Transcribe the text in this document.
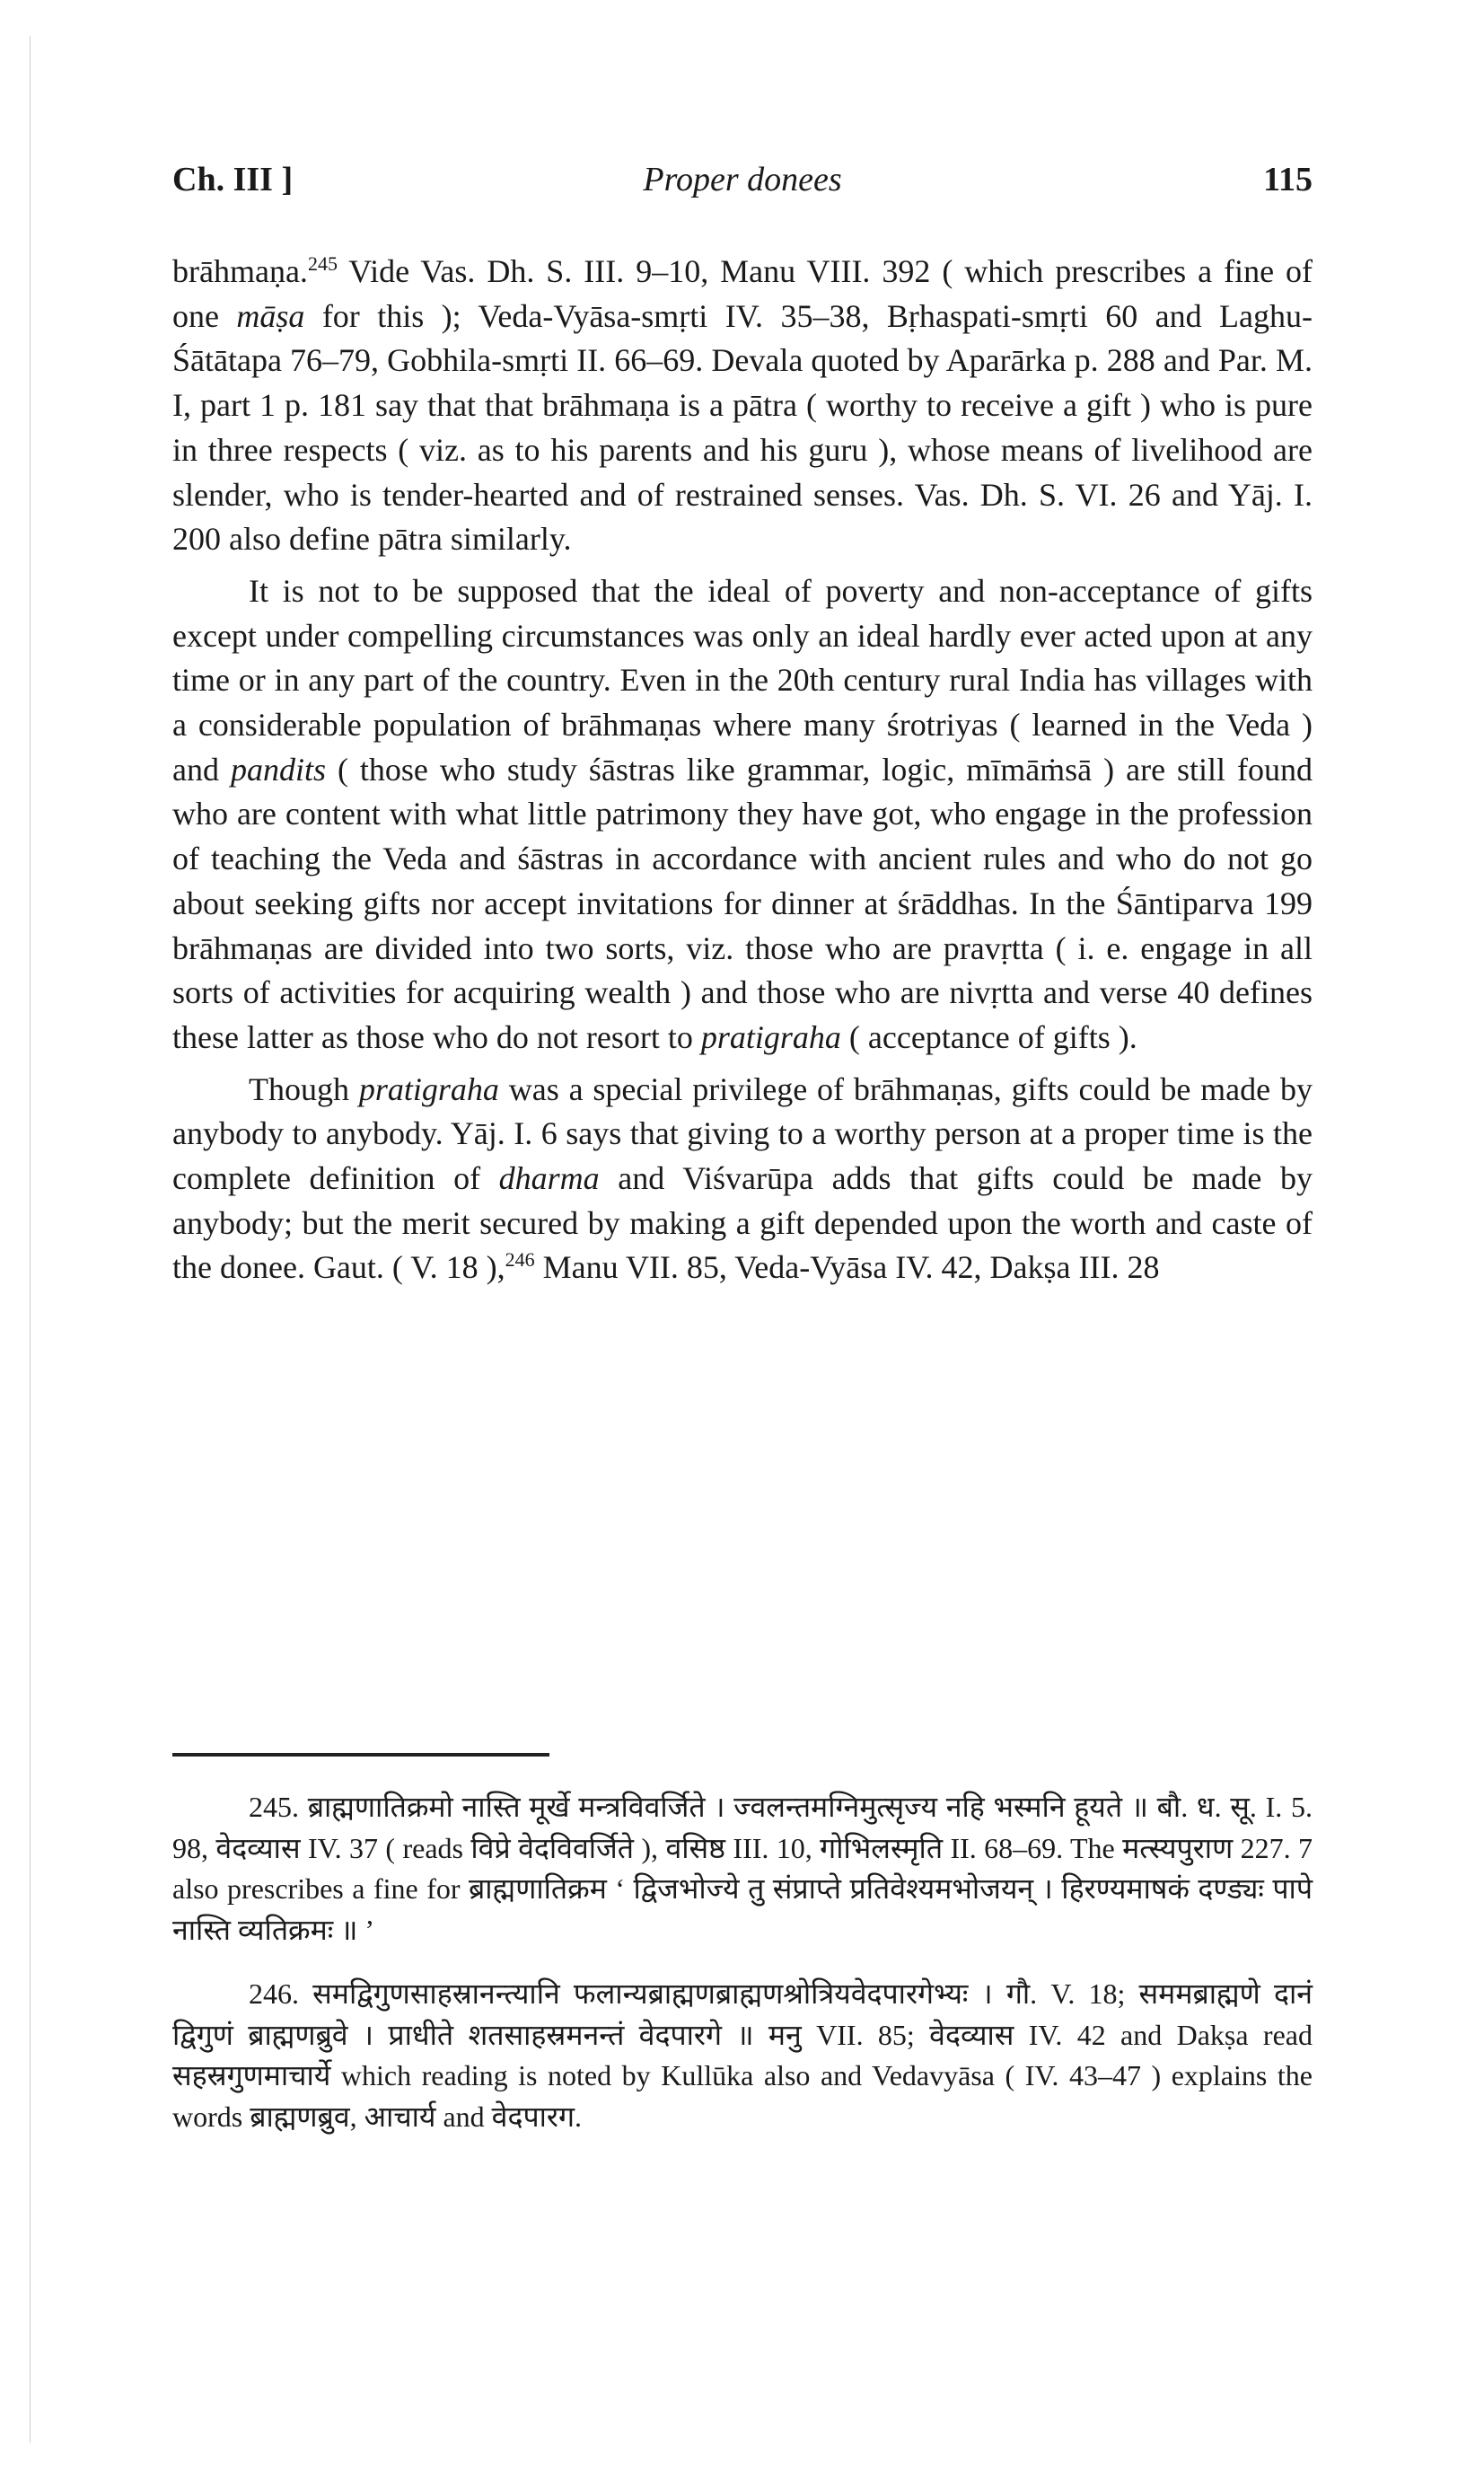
Ch. III ]	Proper donees	115

brāhmaṇa.$^{245}$ Vide Vas. Dh. S. III. 9–10, Manu VIII. 392 ( which prescribes a fine of one māṣa for this ); Veda-Vyāsa-smṛti IV. 35–38, Bṛhaspati-smṛti 60 and Laghu-Śātātapa 76–79, Gobhila-smṛti II. 66–69. Devala quoted by Aparārka p. 288 and Par. M. I, part 1 p. 181 say that that brāhmaṇa is a pātra ( worthy to receive a gift ) who is pure in three respects ( viz. as to his parents and his guru ), whose means of livelihood are slender, who is tender-hearted and of restrained senses. Vas. Dh. S. VI. 26 and Yāj. I. 200 also define pātra similarly.

It is not to be supposed that the ideal of poverty and non-acceptance of gifts except under compelling circumstances was only an ideal hardly ever acted upon at any time or in any part of the country. Even in the 20th century rural India has villages with a considerable population of brāhmaṇas where many śrotriyas ( learned in the Veda ) and pandits ( those who study śāstras like grammar, logic, mīmāṁsā ) are still found who are content with what little patrimony they have got, who engage in the profession of teaching the Veda and śāstras in accordance with ancient rules and who do not go about seeking gifts nor accept invitations for dinner at śrāddhas. In the Śāntiparva 199 brāhmaṇas are divided into two sorts, viz. those who are pravṛtta ( i. e. engage in all sorts of activities for acquiring wealth ) and those who are nivṛtta and verse 40 defines these latter as those who do not resort to pratigraha ( acceptance of gifts ).

Though pratigraha was a special privilege of brāhmaṇas, gifts could be made by anybody to anybody. Yāj. I. 6 says that giving to a worthy person at a proper time is the complete definition of dharma and Viśvarūpa adds that gifts could be made by anybody; but the merit secured by making a gift depended upon the worth and caste of the donee. Gaut. ( V. 18 ),$^{246}$ Manu VII. 85, Veda-Vyāsa IV. 42, Dakṣa III. 28

245. ब्राह्मणातिक्रमो नास्ति मूर्खे मन्त्रविवर्जिते । ज्वलन्तमग्निमुत्सृज्य नहि भस्मनि हूयते ॥ बौ. ध. सू. I. 5. 98, वेदव्यास IV. 37 ( reads विप्रे वेदविवर्जिते ), वसिष्ठ III. 10, गोभिलस्मृति II. 68–69. The मत्स्यपुराण 227. 7 also prescribes a fine for ब्राह्मणातिक्रम ‘ द्विजभोज्ये तु संप्राप्ते प्रतिवेश्यमभोजयन् । हिरण्यमाषकं दण्ड्यः पापे नास्ति व्यतिक्रमः ॥ ’

246. समद्विगुणसाहस्रानन्त्यानि फलान्यब्राह्मणब्राह्मणश्रोत्रियवेदपारगेभ्यः । गौ. V. 18; सममब्राह्मणे दानं द्विगुणं ब्राह्मणब्रुवे । प्राधीते शतसाहस्रमनन्तं वेदपारगे ॥ मनु VII. 85; वेदव्यास IV. 42 and Dakṣa read सहस्रगुणमाचार्ये which reading is noted by Kullūka also and Vedavyāsa ( IV. 43–47 ) explains the words ब्राह्मणब्रुव, आचार्य and वेदपारग.
